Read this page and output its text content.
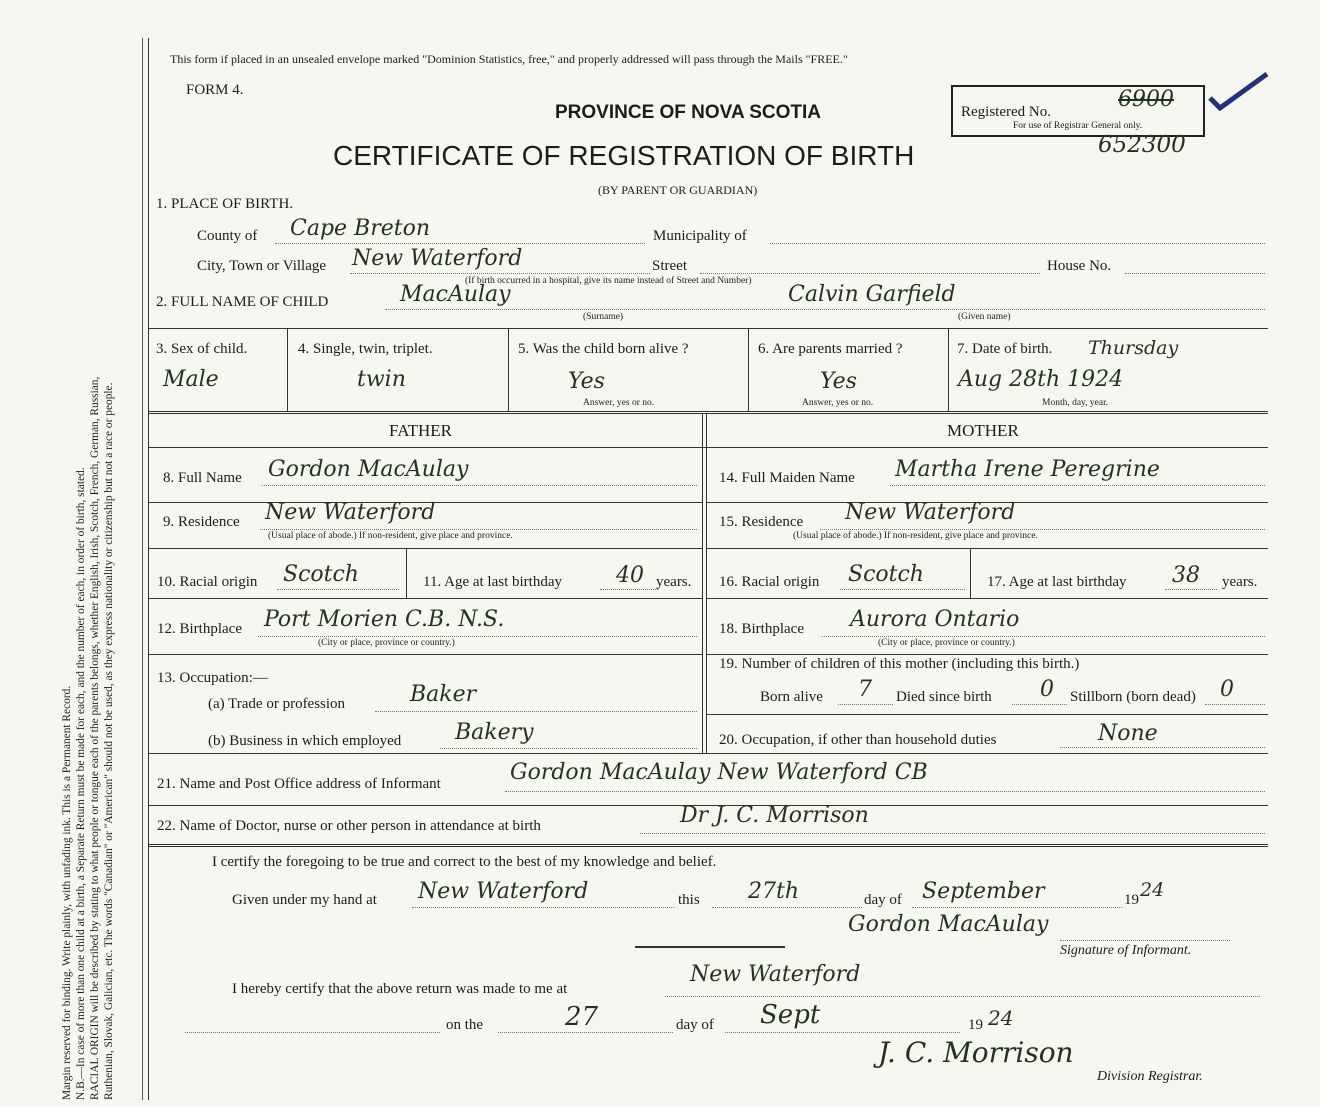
Margin reserved for binding. Write plainly, with unfading ink. This is a Permanent Record. N.B.—In case of more than one child at a birth, a Separate Return must be made for each, and the number of each, in order of birth, stated. RACIAL ORIGIN will be described by stating to what people or tongue each of the parents belongs, whether English, Irish, Scotch, French, German, Russian, Ruthenian, Slovak, Galician, etc. The words "Canadian" or "American" should not be used, as they express nationality or citizenship but not a race or people.
This form if placed in an unsealed envelope marked "Dominion Statistics, free," and properly addressed will pass through the Mails "FREE."
FORM 4.
PROVINCE OF NOVA SCOTIA
CERTIFICATE OF REGISTRATION OF BIRTH
(BY PARENT OR GUARDIAN)
Registered No.	6900
For use of Registrar General only.
652300
1. PLACE OF BIRTH.
County of Cape Breton	Municipality of
City, Town or Village New Waterford	Street	House No.
(If birth occurred in a hospital, give its name instead of Street and Number)
2. FULL NAME OF CHILD	MacAulay
(Surname)
Calvin Garfield
(Given name)
3. Sex of child.
Male
4. Single, twin, triplet.
twin
5. Was the child born alive ?
Yes
Answer, yes or no.
6. Are parents married ?
Yes
Answer, yes or no.
7. Date of birth. Thursday
Aug 28th 1924
Month, day, year.
FATHER	MOTHER
8. Full Name Gordon MacAulay
9. Residence New Waterford
(Usual place of abode.) If non-resident, give place and province.
10. Racial origin Scotch	11. Age at last birthday 40 years.
12. Birthplace Port Morien C.B. N.S.
(City or place, province or country.)
13. Occupation:—
(a) Trade or profession	Baker
(b) Business in which employed Bakery
14. Full Maiden Name Martha Irene Peregrine
15. Residence New Waterford
(Usual place of abode.) If non-resident, give place and province.
16. Racial origin Scotch	17. Age at last birthday 38 years.
18. Birthplace Aurora Ontario
(City or place, province or country.)
19. Number of children of this mother (including this birth.)
Born alive 7 Died since birth 0 Stillborn (born dead) 0
20. Occupation, if other than household duties	None
21. Name and Post Office address of Informant	Gordon MacAulay New Waterford CB
22. Name of Doctor, nurse or other person in attendance at birth	Dr J. C. Morrison
I certify the foregoing to be true and correct to the best of my knowledge and belief.
Given under my hand at New Waterford	this 27th	day of September	19 24
Gordon MacAulay
Signature of Informant.
I hereby certify that the above return was made to me at
New Waterford
on the	27	day of Sept	19 24
J. C. Morrison
Division Registrar.
